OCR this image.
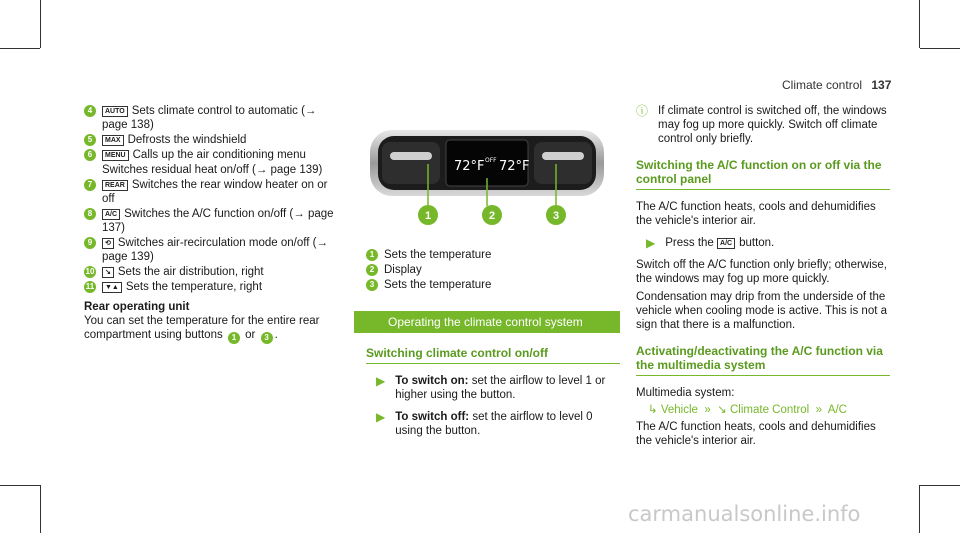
Climate control 137
4	AUTO Sets climate control to automatic (→ page 138)
5	MAX Defrosts the windshield
6	MENU Calls up the air conditioning menu
Switches residual heat on/off (→ page 139)
7	REAR Switches the rear window heater on or off
8	A/C Switches the A/C function on/off (→ page 137)
9	⟲ Switches air-recirculation mode on/off (→ page 139)
10	↘ Sets the air distribution, right
11	▼▲ Sets the temperature, right
Rear operating unit
You can set the temperature for the entire rear compartment using buttons 1 or 3 .
72°F OFF 72°F
1	2	3
1 Sets the temperature
2 Display
3 Sets the temperature
Operating the climate control system
Switching climate control on/off
▶ To switch on: set the airflow to level 1 or higher using the button.
▶ To switch off: set the airflow to level 0 using the button.
ⓘ If climate control is switched off, the windows may fog up more quickly. Switch off climate control only briefly.
Switching the A/C function on or off via the control panel
The A/C function heats, cools and dehumidifies the vehicle's interior air.
▶ Press the A/C button.
Switch off the A/C function only briefly; otherwise, the windows may fog up more quickly.
Condensation may drip from the underside of the vehicle when cooling mode is active. This is not a sign that there is a malfunction.
Activating/deactivating the A/C function via the multimedia system
Multimedia system:
↳ Vehicle  »  ↘ Climate Control  »  A/C
The A/C function heats, cools and dehumidifies the vehicle's interior air.
carmanualsonline.info
